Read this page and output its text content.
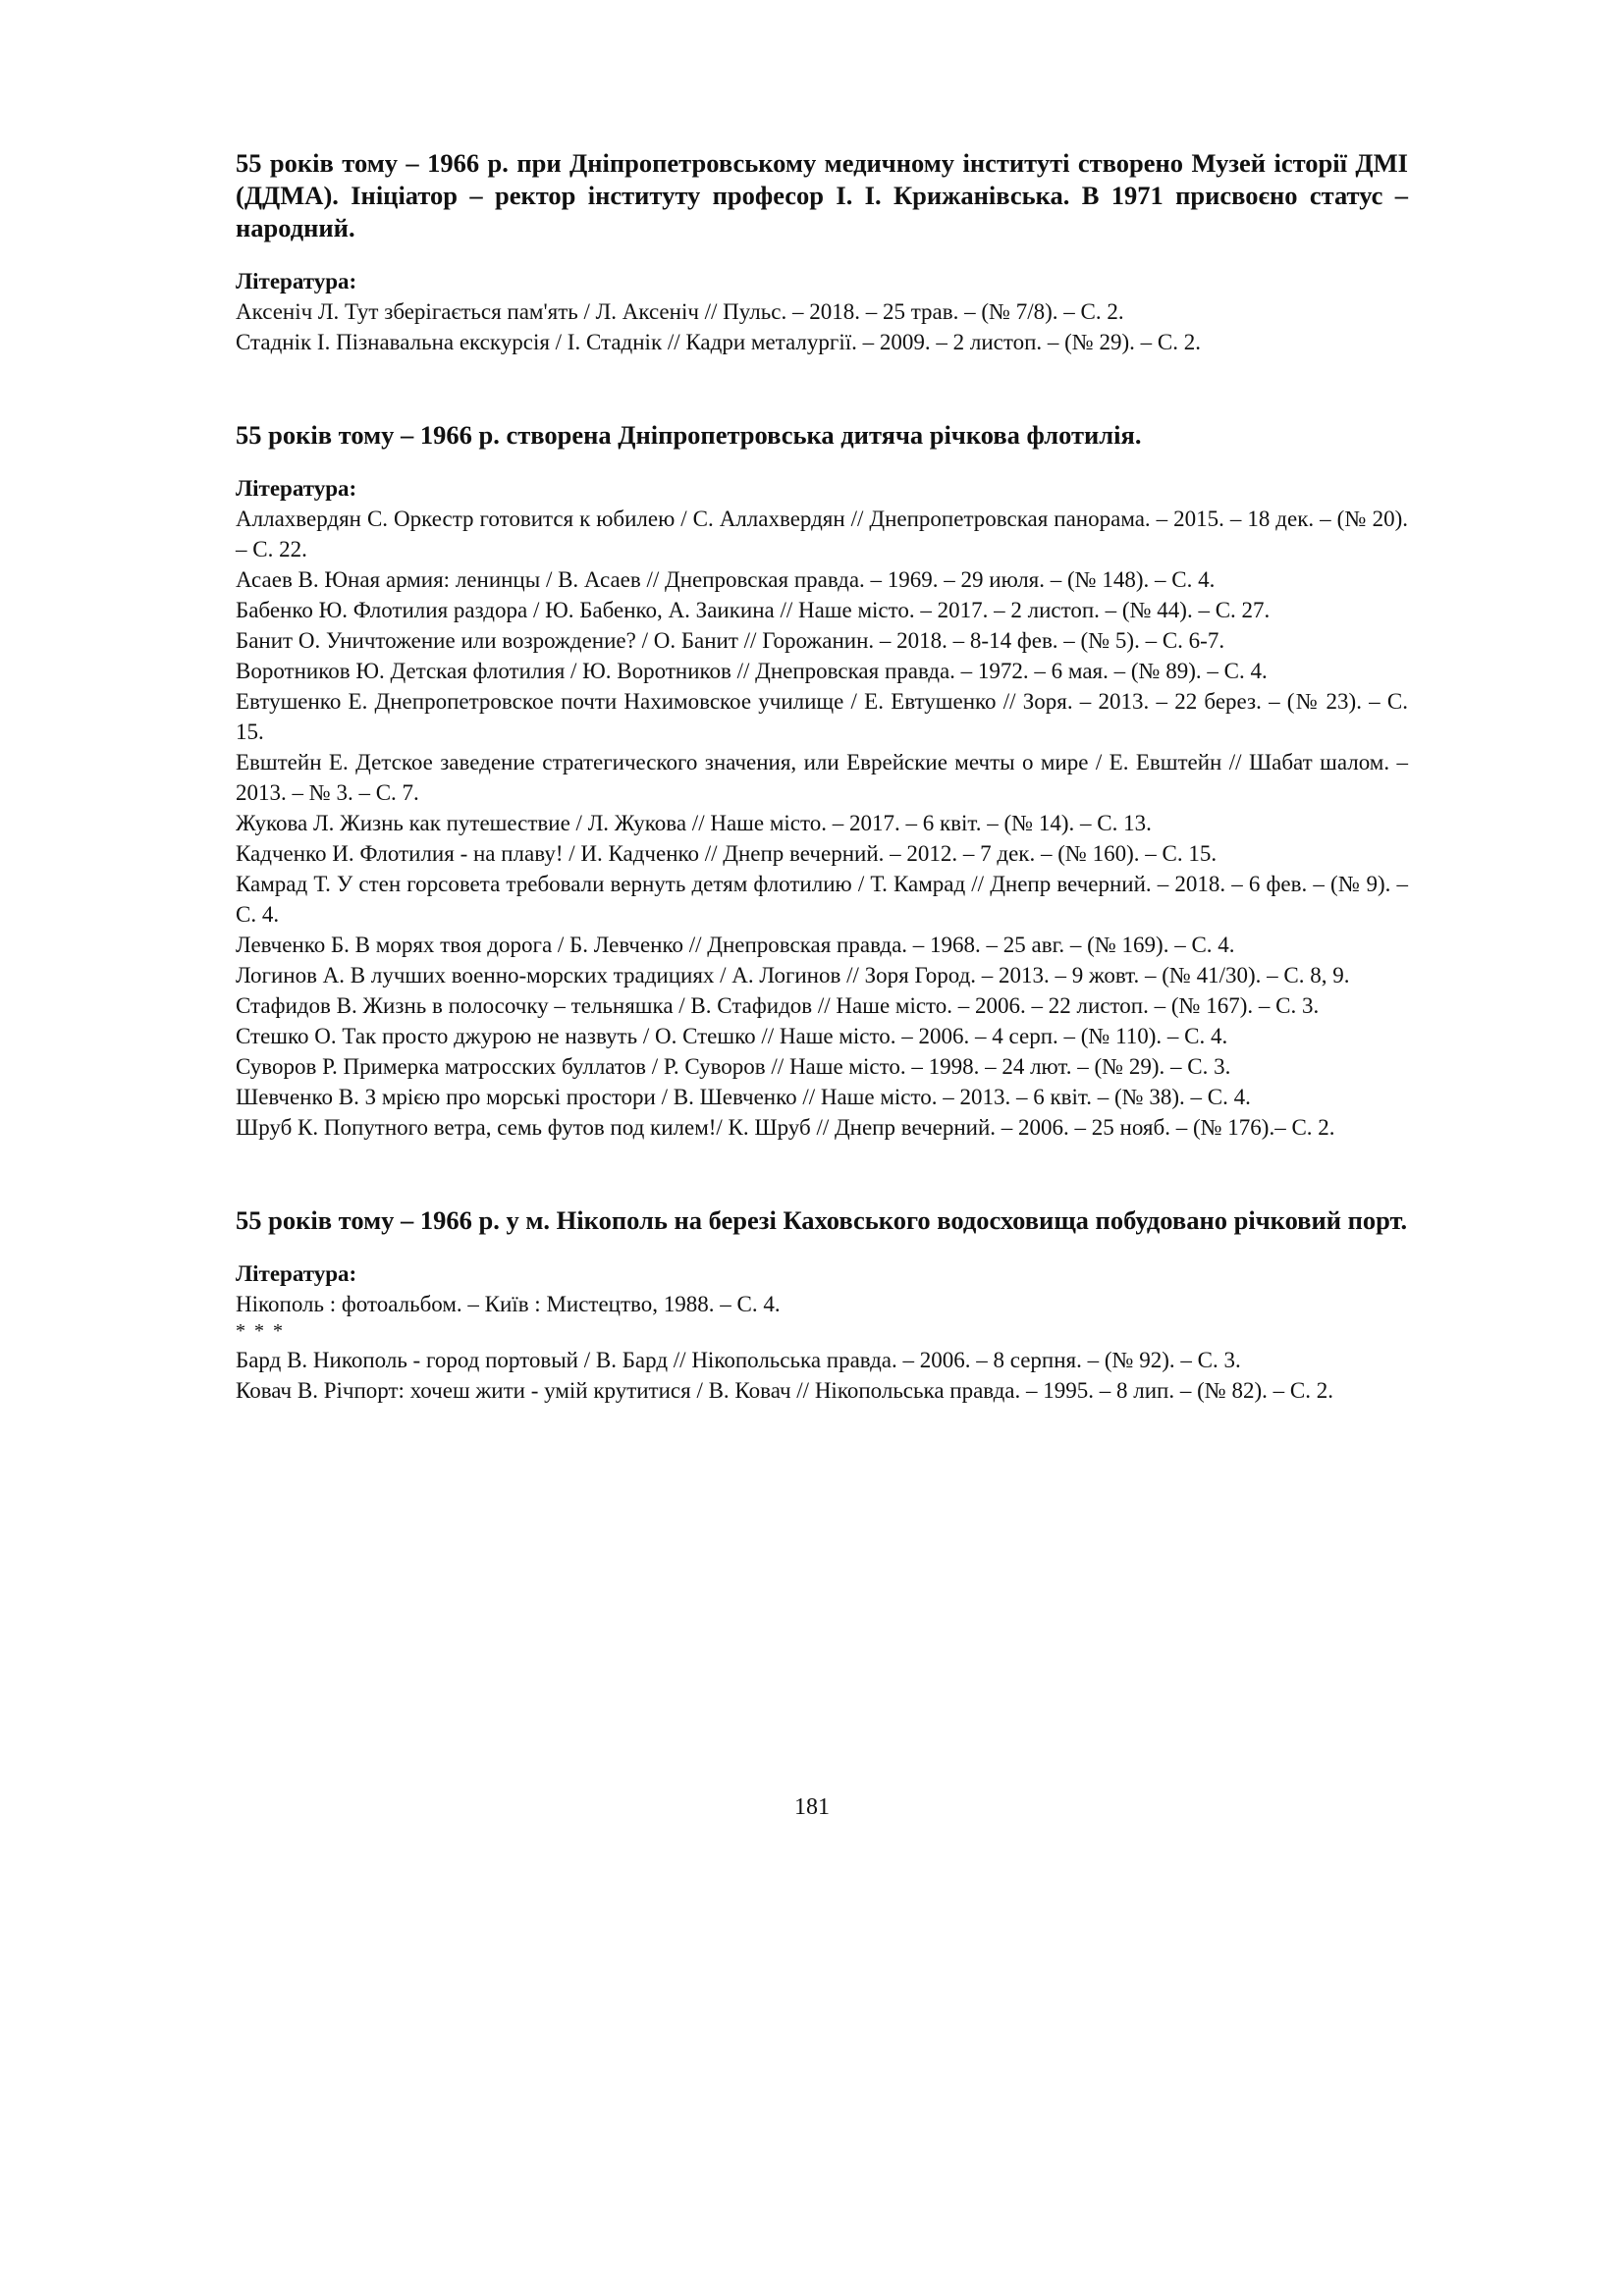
55 років тому – 1966 р. при Дніпропетровському медичному інституті створено Музей історії ДМІ (ДДМА). Ініціатор – ректор інституту професор І. І. Крижанівська. В 1971 присвоєно статус – народний.

Література:

Аксеніч Л. Тут зберігається пам'ять / Л. Аксеніч // Пульс. – 2018. – 25 трав. – (№ 7/8). – С. 2.
Стаднік І. Пізнавальна екскурсія / І. Стаднік // Кадри металургії. – 2009. – 2 листоп. – (№ 29). – С. 2.

55 років тому – 1966 р. створена Дніпропетровська дитяча річкова флотилія.

Література:

Аллахвердян С. Оркестр готовится к юбилею / С. Аллахвердян // Днепропетровская панорама. – 2015. – 18 дек. – (№ 20). – С. 22.
Асаев В. Юная армия: ленинцы / В. Асаев // Днепровская правда. – 1969. – 29 июля. – (№ 148). – С. 4.
Бабенко Ю. Флотилия раздора / Ю. Бабенко, А. Заикина // Наше місто. – 2017. – 2 листоп. – (№ 44). – С. 27.
Банит О. Уничтожение или возрождение? / О. Банит // Горожанин. – 2018. – 8-14 фев. – (№ 5). – С. 6-7.
Воротников Ю. Детская флотилия / Ю. Воротников // Днепровская правда. – 1972. – 6 мая. – (№ 89). – С. 4.
Евтушенко Е. Днепропетровское почти Нахимовское училище / Е. Евтушенко // Зоря. – 2013. – 22 берез. – (№ 23). – С. 15.
Евштейн Е. Детское заведение стратегического значения, или Еврейские мечты о мире / Е. Евштейн // Шабат шалом. – 2013. – № 3. – С. 7.
Жукова Л. Жизнь как путешествие / Л. Жукова // Наше місто. – 2017. – 6 квіт. – (№ 14). – С. 13.
Кадченко И. Флотилия - на плаву! / И. Кадченко // Днепр вечерний. – 2012. – 7 дек. – (№ 160). – С. 15.
Камрад Т. У стен горсовета требовали вернуть детям флотилию / Т. Камрад // Днепр вечерний. – 2018. – 6 фев. – (№ 9). – С. 4.
Левченко Б. В морях твоя дорога / Б. Левченко // Днепровская правда. – 1968. – 25 авг. – (№ 169). – С. 4.
Логинов А. В лучших военно-морских традициях / А. Логинов // Зоря Город. – 2013. – 9 жовт. – (№ 41/30). – С. 8, 9.
Стафидов В. Жизнь в полосочку – тельняшка / В. Стафидов // Наше місто. – 2006. – 22 листоп. – (№ 167). – С. 3.
Стешко О. Так просто джурою не назвуть / О. Стешко // Наше місто. – 2006. – 4 серп. – (№ 110). – С. 4.
Суворов Р. Примерка матросских буллатов / Р. Суворов // Наше місто. – 1998. – 24 лют. – (№ 29). – С. 3.
Шевченко В. З мрією про морські простори / В. Шевченко // Наше місто. – 2013. – 6 квіт. – (№ 38). – С. 4.
Шруб К. Попутного ветра, семь футов под килем!/ К. Шруб // Днепр вечерний. – 2006. – 25 нояб. – (№ 176).– С. 2.

55 років тому – 1966 р. у м. Нікополь на березі Каховського водосховища побудовано річковий порт.

Література:

Нікополь : фотоальбом. – Київ : Мистецтво, 1988. – С. 4.
* * *
Бард В. Никополь - город портовый / В. Бард // Нікопольська правда. – 2006. – 8 серпня. – (№ 92). – С. 3.
Ковач В. Річпорт: хочеш жити - умій крутитися / В. Ковач // Нікопольська правда. – 1995. – 8 лип. – (№ 82). – С. 2.
181
